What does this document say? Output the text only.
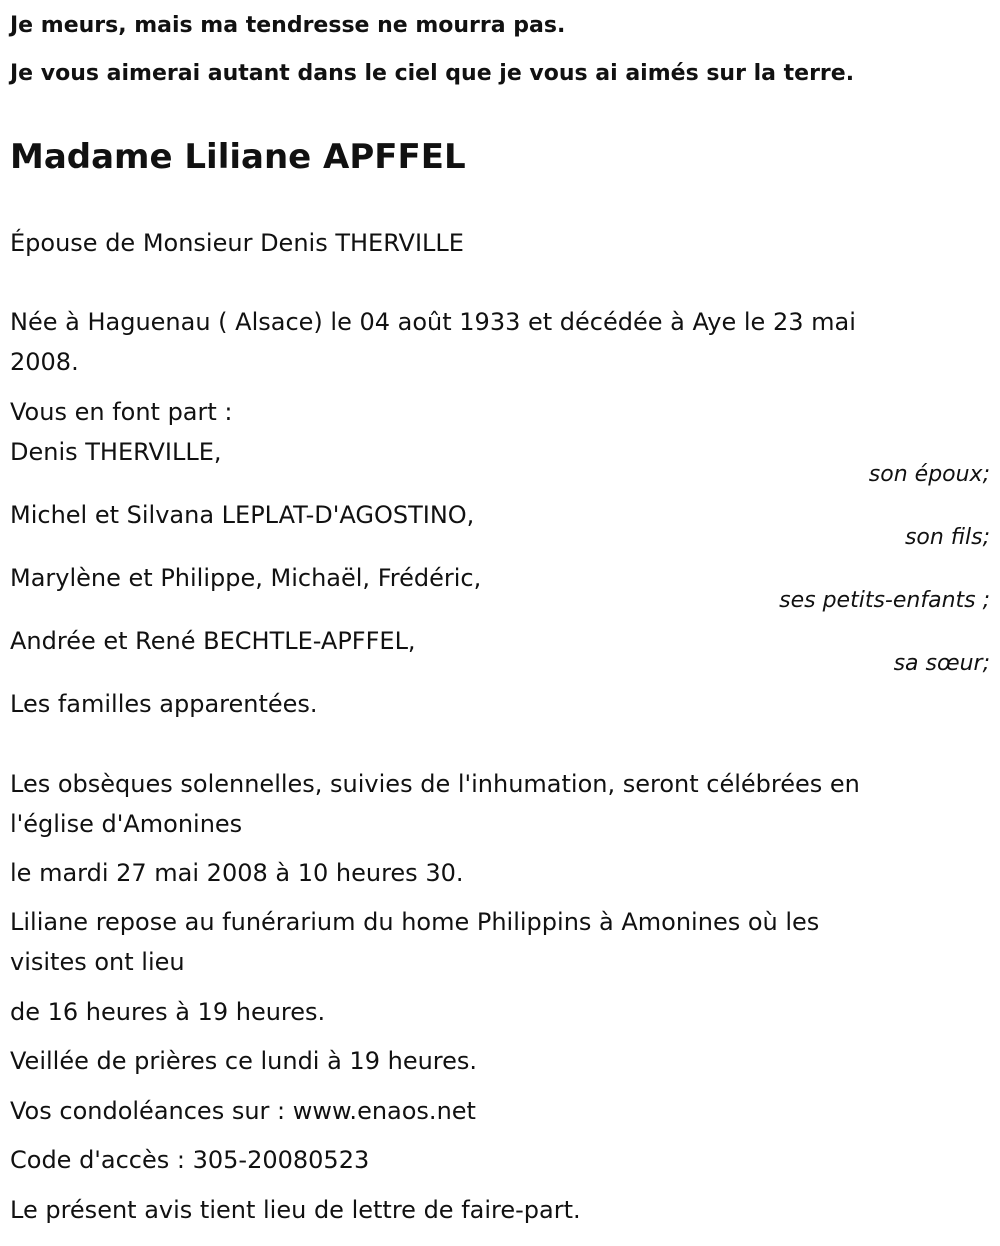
Je meurs, mais ma tendresse ne mourra pas.

Je vous aimerai autant dans le ciel que je vous ai aimés sur la terre.

Madame Liliane APFFEL

Épouse de Monsieur Denis THERVILLE

Née à Haguenau ( Alsace) le 04 août 1933 et décédée à Aye le 23 mai

2008.

Vous en font part :

Denis THERVILLE,

son époux;

Michel et Silvana LEPLAT-D'AGOSTINO,

son fils;

Marylène et Philippe, Michaël, Frédéric,

ses petits-enfants ;

Andrée et René BECHTLE-APFFEL,

sa sœur;

Les familles apparentées.

Les obsèques solennelles, suivies de l'inhumation, seront célébrées en

l'église d'Amonines

le mardi 27 mai 2008 à 10 heures 30.

Liliane repose au funérarium du home Philippins à Amonines où les

visites ont lieu

de 16 heures à 19 heures.

Veillée de prières ce lundi à 19 heures.

Vos condoléances sur : www.enaos.net

Code d'accès : 305-20080523

Le présent avis tient lieu de lettre de faire-part.
